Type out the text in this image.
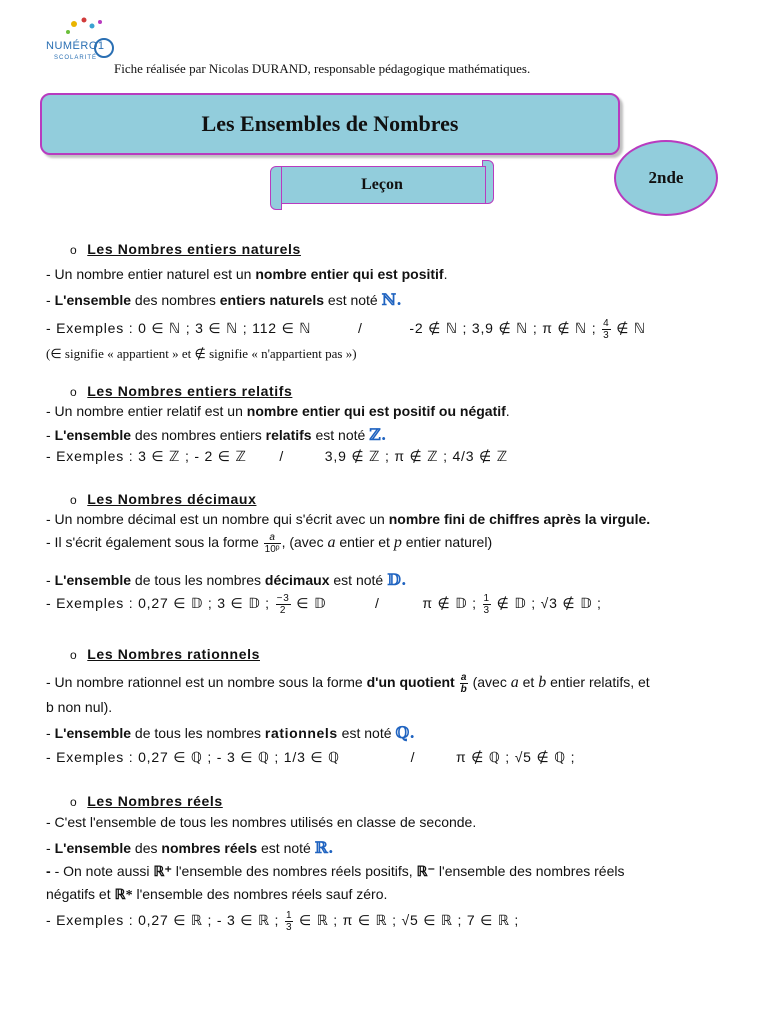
NUMÉRO1
SCOLARITÉ
Fiche réalisée par Nicolas DURAND, responsable pédagogique mathématiques.
Les Ensembles de Nombres
2nde
Leçon
o Les Nombres entiers naturels
- Un nombre entier naturel est un nombre entier qui est positif.
- L'ensemble des nombres entiers naturels est noté ℕ.
- Exemples : 0 ∈ ℕ ; 3 ∈ ℕ ; 112 ∈ ℕ	/	-2 ∉ ℕ ; 3,9 ∉ ℕ ; π ∉ ℕ ; $\frac{4}{3}$ ∉ ℕ
(∈ signifie « appartient » et ∉ signifie « n'appartient pas »)
o Les Nombres entiers relatifs
- Un nombre entier relatif est un nombre entier qui est positif ou négatif.
- L'ensemble des nombres entiers relatifs est noté ℤ.
- Exemples : 3 ∈ ℤ ; - 2 ∈ ℤ /	3,9 ∉ ℤ ; π ∉ ℤ ; 4/3 ∉ ℤ
o Les Nombres décimaux
- Un nombre décimal est un nombre qui s'écrit avec un nombre fini de chiffres après la virgule.
- Il s'écrit également sous la forme $\frac{a}{\text{10ᵖ}}$ , (avec a entier et p entier naturel)
- L'ensemble de tous les nombres décimaux est noté 𝔻.
- Exemples : 0,27 ∈ 𝔻 ; 3 ∈ 𝔻 ; $\frac{-3}{2}$ ∈ 𝔻	/	π ∉ 𝔻 ; $\frac{1}{3}$ ∉ 𝔻 ; √3 ∉ 𝔻 ;
o Les Nombres rationnels
- Un nombre rationnel est un nombre sous la forme d'un quotient $\frac{a}{b}$ (avec a et b entier relatifs, et
b non nul).
- L'ensemble de tous les nombres rationnels est noté ℚ.
- Exemples : 0,27 ∈ ℚ ; - 3 ∈ ℚ ; 1/3 ∈ ℚ	/	π ∉ ℚ ; √5 ∉ ℚ ;
o Les Nombres réels
- C'est l'ensemble de tous les nombres utilisés en classe de seconde.
- L'ensemble des nombres réels est noté ℝ.
- - On note aussi ℝ⁺ l'ensemble des nombres réels positifs, ℝ⁻ l'ensemble des nombres réels
négatifs et ℝ* l'ensemble des nombres réels sauf zéro.
- Exemples : 0,27 ∈ ℝ ; - 3 ∈ ℝ ; $\frac{1}{3}$ ∈ ℝ ; π ∈ ℝ ; √5 ∈ ℝ ; 7 ∈ ℝ ;
